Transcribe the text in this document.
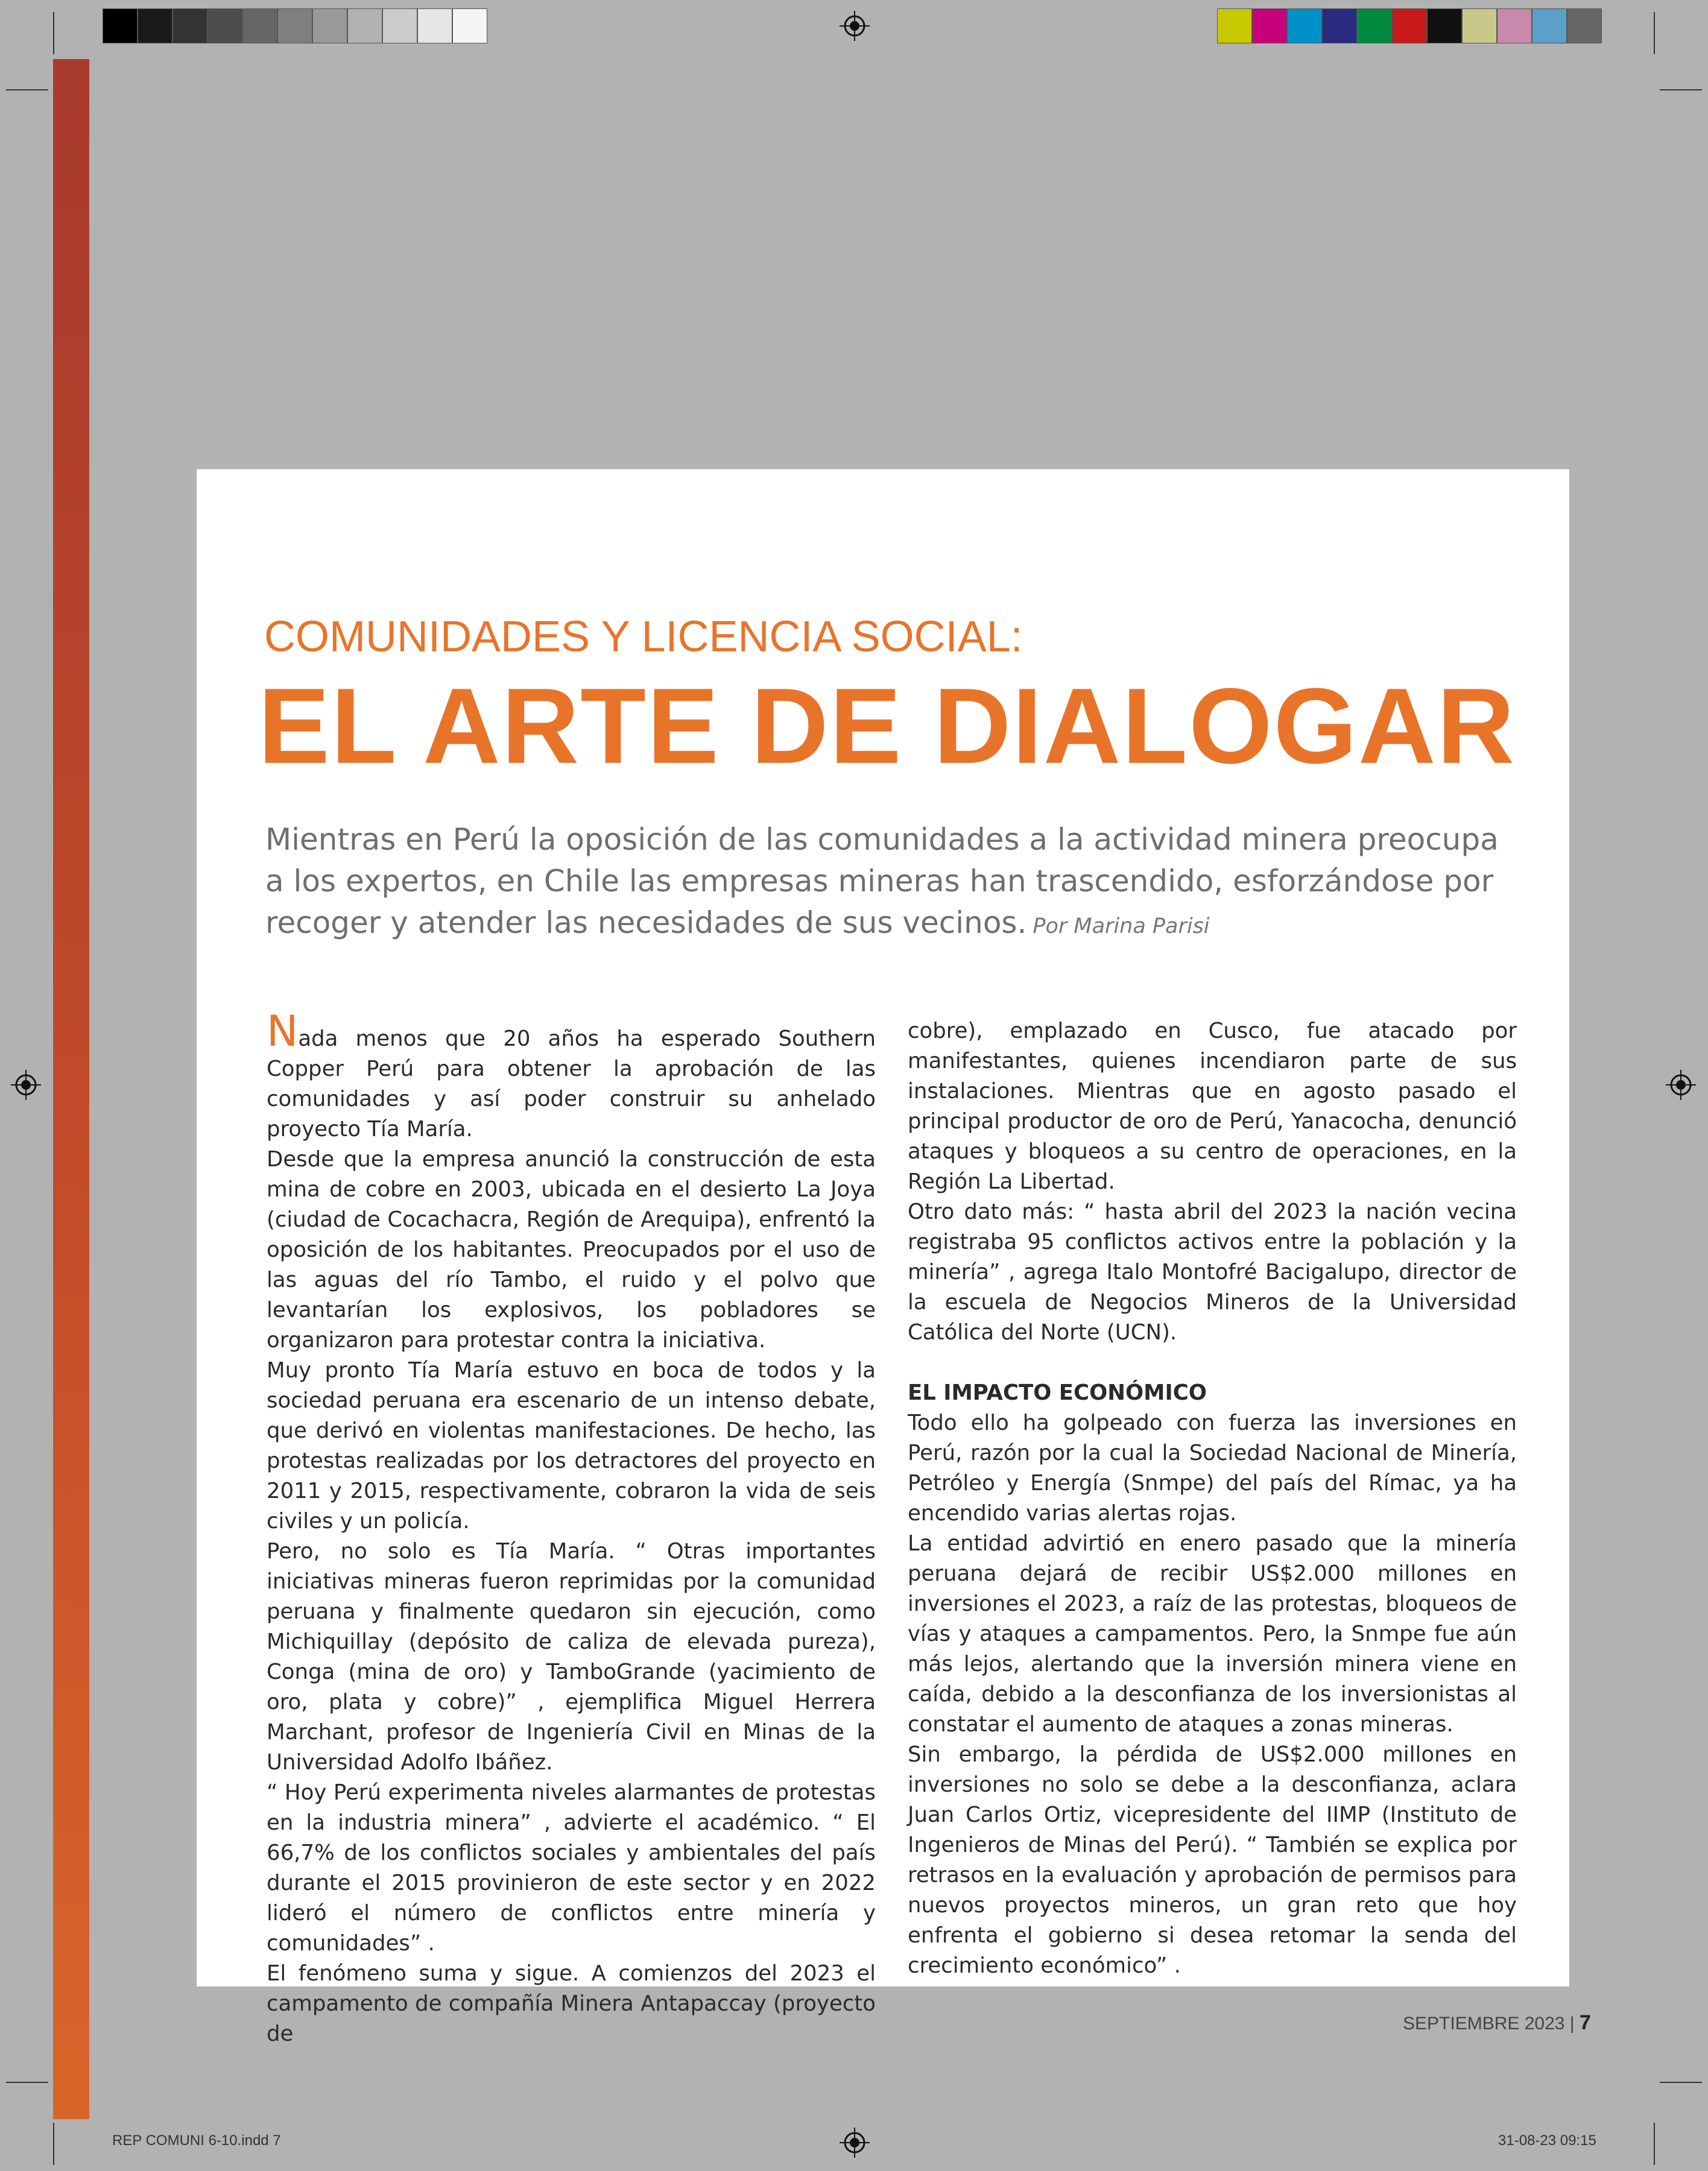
COMUNIDADES Y LICENCIA SOCIAL:
EL ARTE DE DIALOGAR
Mientras en Perú la oposición de las comunidades a la actividad minera preocupa
a los expertos, en Chile las empresas mineras han trascendido, esforzándose por
recoger y atender las necesidades de sus vecinos. Por Marina Parisi

Nada menos que 20 años ha esperado Southern Copper Perú para obtener la aprobación de las comunidades y así poder construir su anhelado proyecto Tía María.

Desde que la empresa anunció la construcción de esta mina de cobre en 2003, ubicada en el desierto La Joya (ciudad de Cocachacra, Región de Arequipa), enfrentó la oposición de los habitantes. Preocupados por el uso de las aguas del río Tambo, el ruido y el polvo que levantarían los explosivos, los pobladores se organizaron para protestar contra la iniciativa.

Muy pronto Tía María estuvo en boca de todos y la sociedad peruana era escenario de un intenso debate, que derivó en violentas manifestaciones. De hecho, las protestas realizadas por los detractores del proyecto en 2011 y 2015, respectivamente, cobraron la vida de seis civiles y un policía.

Pero, no solo es Tía María. “ Otras importantes iniciativas mineras fueron reprimidas por la comunidad peruana y finalmente quedaron sin ejecución, como Michiquillay (depósito de caliza de elevada pureza), Conga (mina de oro) y TamboGrande (yacimiento de oro, plata y cobre)” , ejemplifica Miguel Herrera Marchant, profesor de Ingeniería Civil en Minas de la Universidad Adolfo Ibáñez.

“ Hoy Perú experimenta niveles alarmantes de protestas en la industria minera” , advierte el académico. “ El 66,7% de los conflictos sociales y ambientales del país durante el 2015 provinieron de este sector y en 2022 lideró el número de conflictos entre minería y comunidades” .

El fenómeno suma y sigue. A comienzos del 2023 el campamento de compañía Minera Antapaccay (proyecto de

cobre), emplazado en Cusco, fue atacado por manifestantes, quienes incendiaron parte de sus instalaciones. Mientras que en agosto pasado el principal productor de oro de Perú, Yanacocha, denunció ataques y bloqueos a su centro de operaciones, en la Región La Libertad.

Otro dato más: “ hasta abril del 2023 la nación vecina registraba 95 conflictos activos entre la población y la minería” , agrega Italo Montofré Bacigalupo, director de la escuela de Negocios Mineros de la Universidad Católica del Norte (UCN).

EL IMPACTO ECONÓMICO

Todo ello ha golpeado con fuerza las inversiones en Perú, razón por la cual la Sociedad Nacional de Minería, Petróleo y Energía (Snmpe) del país del Rímac, ya ha encendido varias alertas rojas.

La entidad advirtió en enero pasado que la minería peruana dejará de recibir US$2.000 millones en inversiones el 2023, a raíz de las protestas, bloqueos de vías y ataques a campamentos. Pero, la Snmpe fue aún más lejos, alertando que la inversión minera viene en caída, debido a la desconfianza de los inversionistas al constatar el aumento de ataques a zonas mineras.

Sin embargo, la pérdida de US$2.000 millones en inversiones no solo se debe a la desconfianza, aclara Juan Carlos Ortiz, vicepresidente del IIMP (Instituto de Ingenieros de Minas del Perú). “ También se explica por retrasos en la evaluación y aprobación de permisos para nuevos proyectos mineros, un gran reto que hoy enfrenta el gobierno si desea retomar la senda del crecimiento económico” .

SEPTIEMBRE 2023 | 7
REP COMUNI 6-10.indd 7	31-08-23 09:15
